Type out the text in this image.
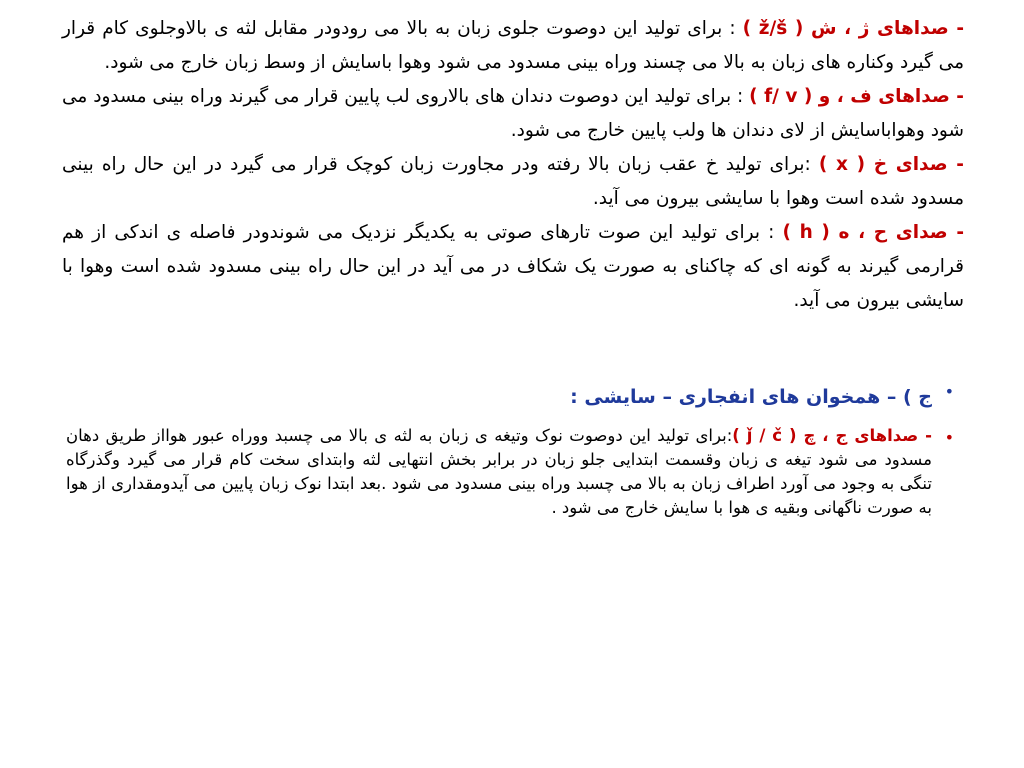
- صداهای ژ ، ش ( ž/š ) : برای تولید این دوصوت جلوی زبان به بالا می رودودر مقابل لثه ی بالاوجلوی کام قرار می گیرد وکناره های زبان به بالا می چسند وراه بینی مسدود می شود وهوا باسایش از وسط زبان خارج می شود.

- صداهای ف ، و ( f/ v ) : برای تولید این دوصوت دندان های بالاروی لب پایین قرار می گیرند وراه بینی مسدود می شود وهواباسایش از لای دندان ها ولب پایین خارج می شود.

- صدای خ ( x ) :برای تولید خ عقب زبان بالا رفته ودر مجاورت زبان کوچک قرار می گیرد در این حال راه بینی مسدود شده است وهوا با سایشی بیرون می آید.

- صدای ح ، ه ( h ) : برای تولید این صوت تارهای صوتی به یکدیگر نزدیک می شوندودر فاصله ی اندکی از هم قرارمی گیرند به گونه ای که چاکنای به صورت یک شکاف در می آید در این حال راه بینی مسدود شده است وهوا با سایشی بیرون می آید.

•
ج ) – همخوان های انفجاری – سایشی :
•
- صداهای ج ، چ ( ǰ / č ):برای تولید این دوصوت نوک وتیغه ی زبان به لثه ی بالا می چسبد ووراه عبور هوااز طریق دهان مسدود می شود تیغه ی زبان وقسمت ابتدایی جلو زبان در برابر بخش انتهایی لثه وابتدای سخت کام قرار می گیرد وگذرگاه تنگی به وجود می آورد اطراف زبان به بالا می چسبد وراه بینی مسدود می شود .بعد ابتدا نوک زبان پایین می آیدومقداری از هوا به صورت ناگهانی وبقیه ی هوا با سایش خارج می شود .
